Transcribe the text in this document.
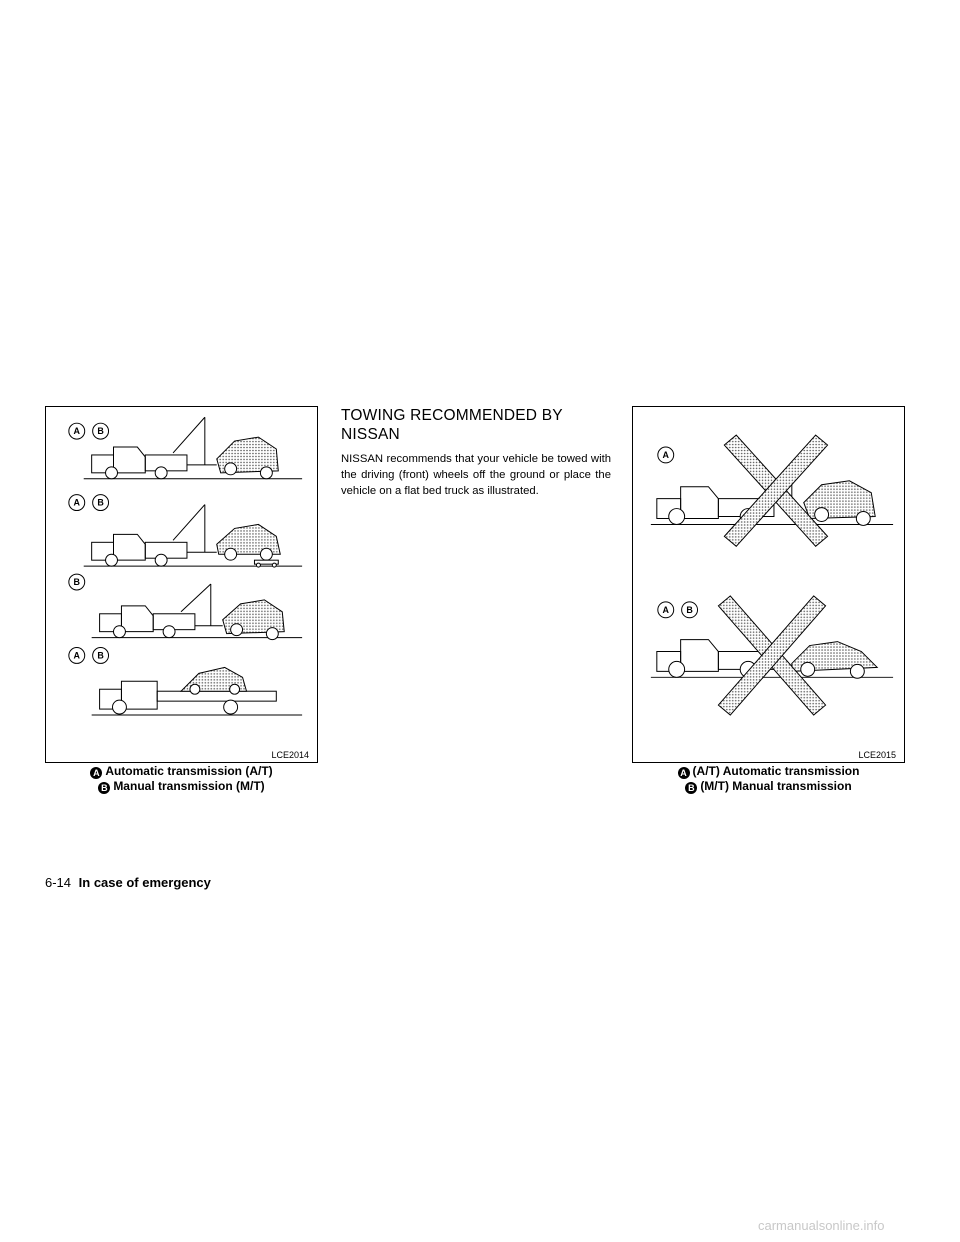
A B
A B
B
A B
LCE2014
A Automatic transmission (A/T)
B Manual transmission (M/T)
TOWING RECOMMENDED BY NISSAN

NISSAN recommends that your vehicle be towed with the driving (front) wheels off the ground or place the vehicle on a flat bed truck as illustrated.

A
A B
LCE2015
A (A/T) Automatic transmission
B (M/T) Manual transmission
6-14 In case of emergency
carmanualsonline.info
